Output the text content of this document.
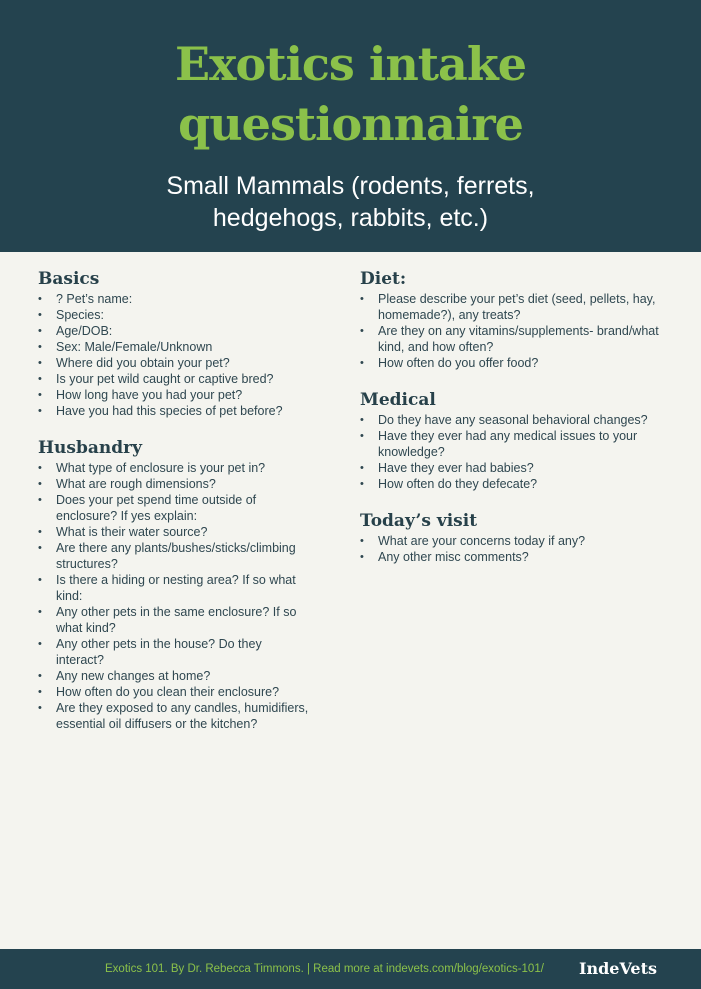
Exotics intake questionnaire

Small Mammals (rodents, ferrets, hedgehogs, rabbits, etc.)

Basics
• ? Pet’s name:
• Species:
• Age/DOB:
• Sex: Male/Female/Unknown
• Where did you obtain your pet?
• Is your pet wild caught or captive bred?
• How long have you had your pet?
• Have you had this species of pet before?
Husbandry
• What type of enclosure is your pet in?
• What are rough dimensions?
• Does your pet spend time outside of enclosure? If yes explain:
• What is their water source?
• Are there any plants/bushes/sticks/climbing structures?
• Is there a hiding or nesting area? If so what kind:
• Any other pets in the same enclosure? If so what kind?
• Any other pets in the house? Do they interact?
• Any new changes at home?
• How often do you clean their enclosure?
• Are they exposed to any candles, humidifiers, essential oil diffusers or the kitchen?
Diet:
• Please describe your pet’s diet (seed, pellets, hay, homemade?), any treats?
• Are they on any vitamins/supplements- brand/what kind, and how often?
• How often do you offer food?
Medical
• Do they have any seasonal behavioral changes?
• Have they ever had any medical issues to your knowledge?
• Have they ever had babies?
• How often do they defecate?
Today’s visit
• What are your concerns today if any?
• Any other misc comments?
Exotics 101. By Dr. Rebecca Timmons. | Read more at indevets.com/blog/exotics-101/ IndeVets
